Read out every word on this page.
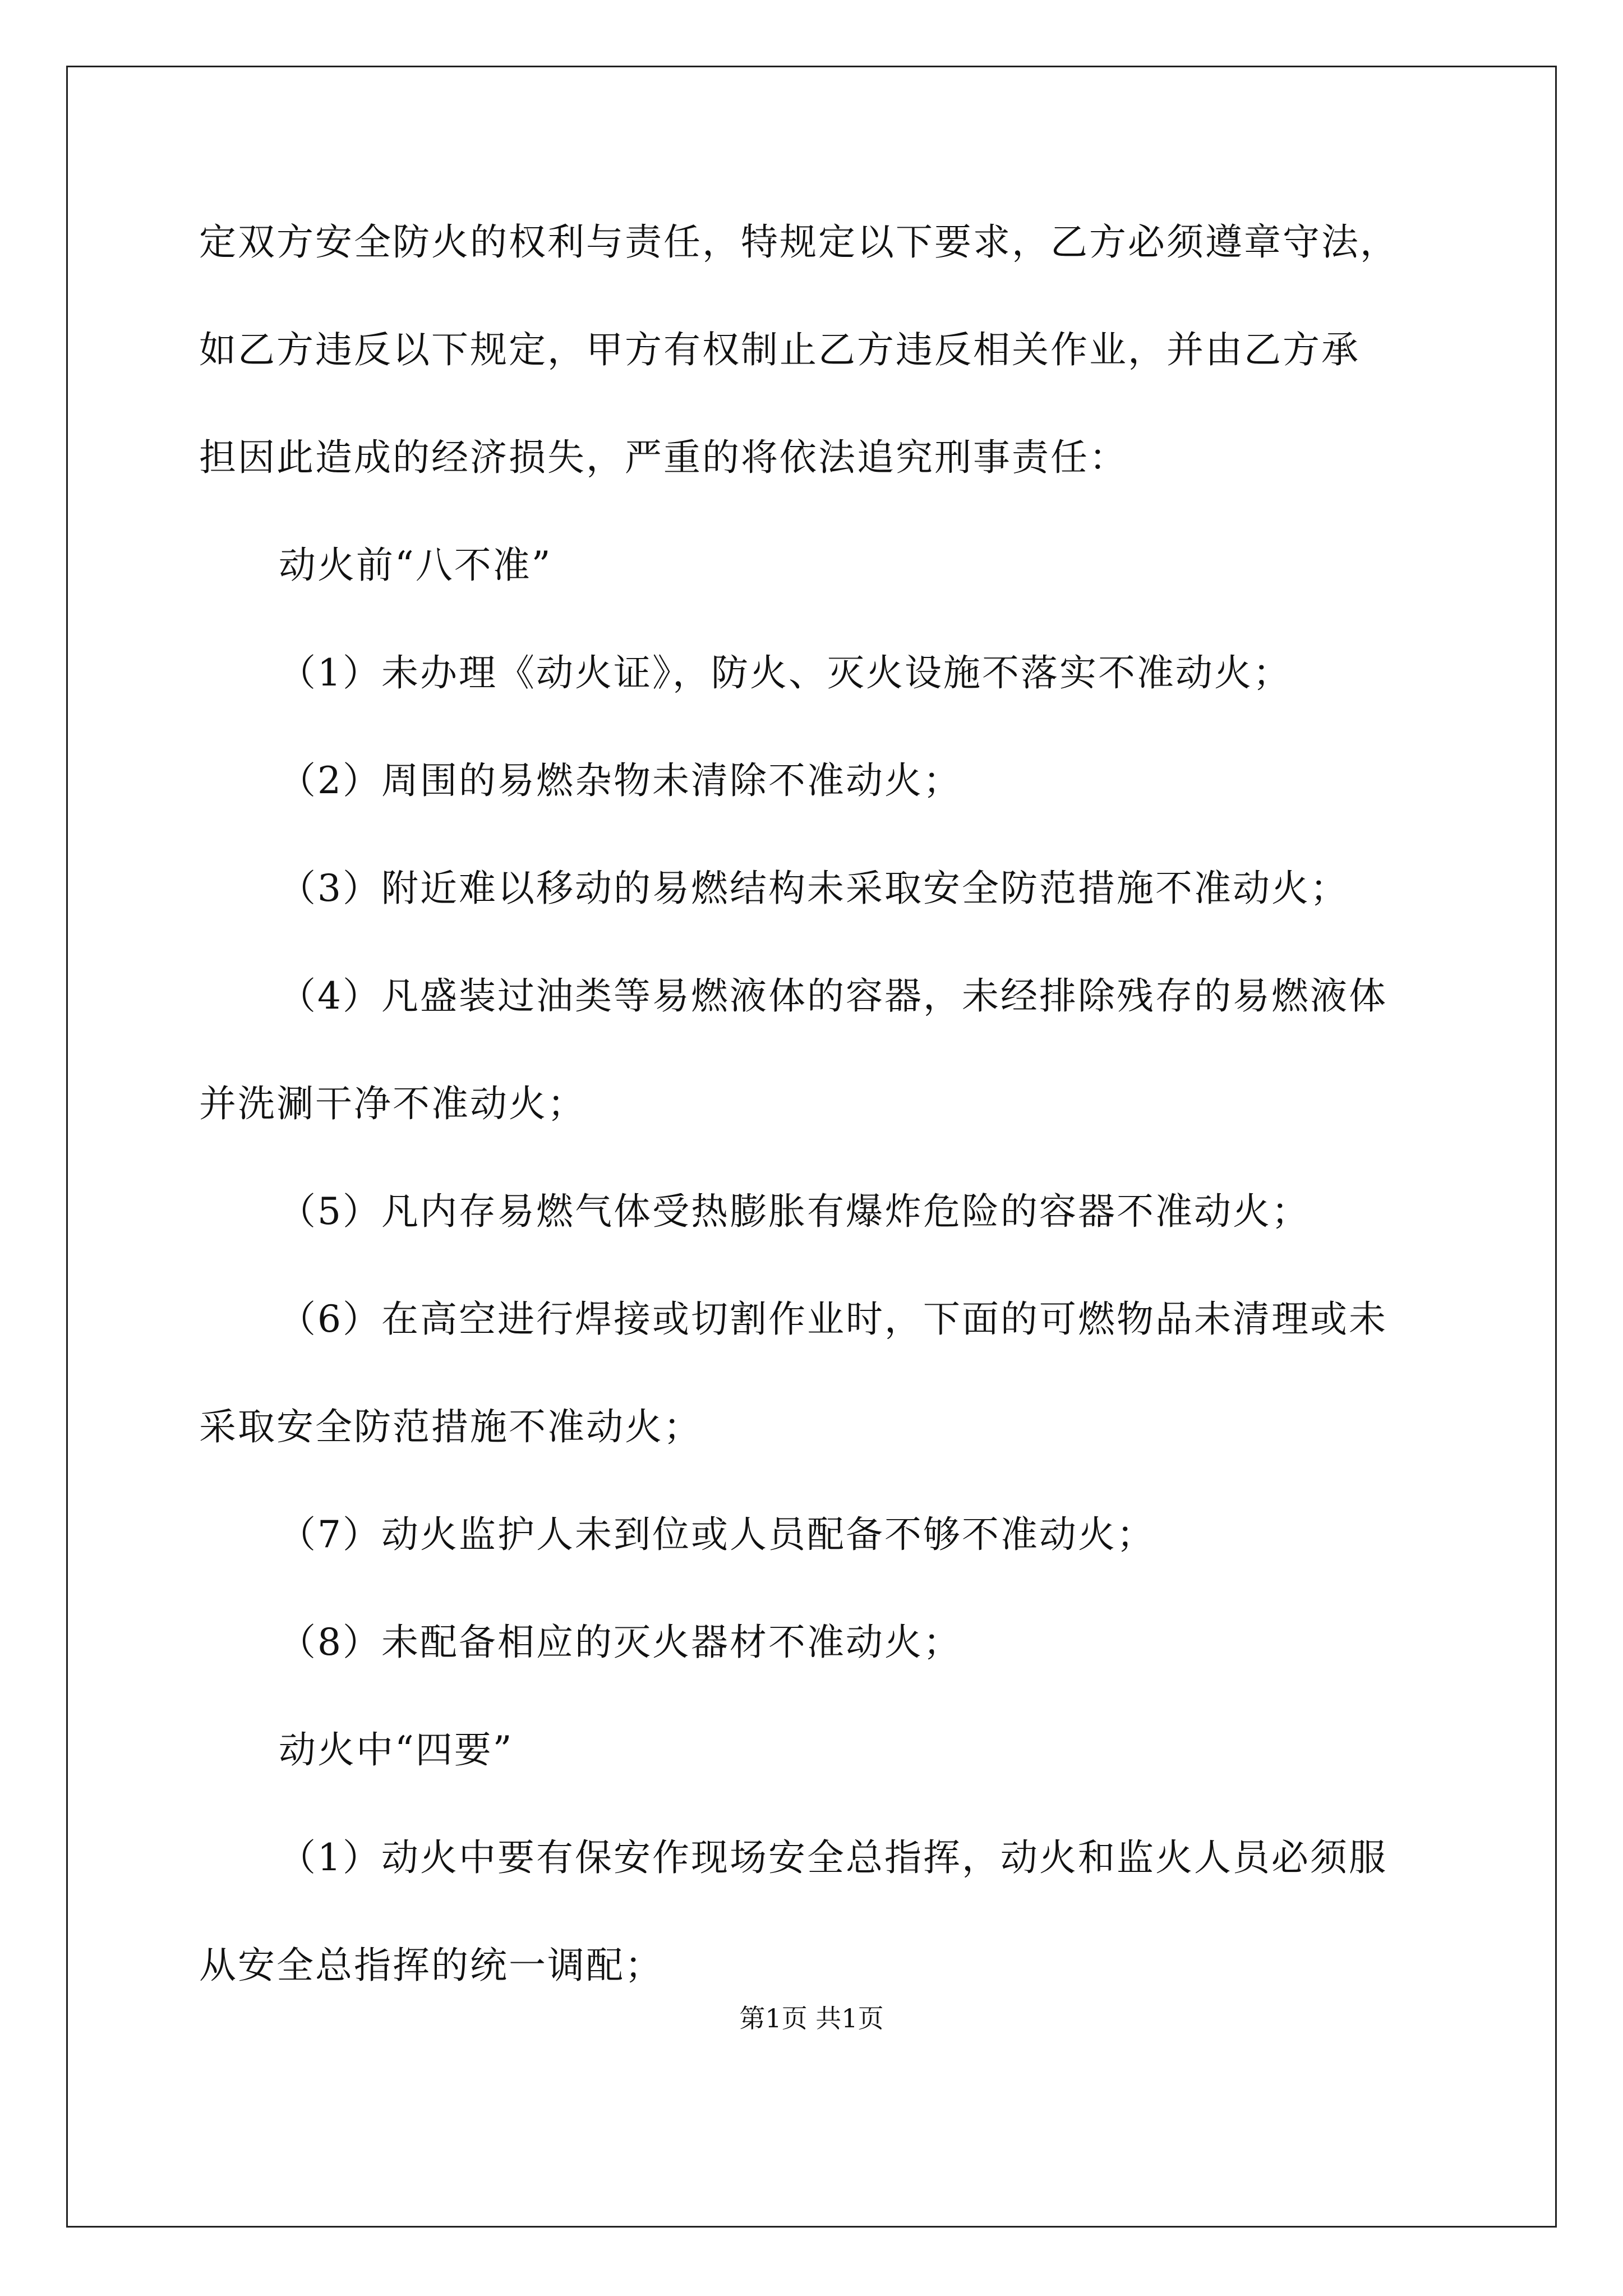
定双方安全防火的权利与责任，特规定以下要求，乙方必须遵章守法，
如乙方违反以下规定，甲方有权制止乙方违反相关作业，并由乙方承
担因此造成的经济损失，严重的将依法追究刑事责任：
动火前“八不准”
（1）未办理《动火证》，防火、灭火设施不落实不准动火；
（2）周围的易燃杂物未清除不准动火；
（3）附近难以移动的易燃结构未采取安全防范措施不准动火；
（4）凡盛装过油类等易燃液体的容器，未经排除残存的易燃液体
并洗涮干净不准动火；
（5）凡内存易燃气体受热膨胀有爆炸危险的容器不准动火；
（6）在高空进行焊接或切割作业时，下面的可燃物品未清理或未
采取安全防范措施不准动火；
（7）动火监护人未到位或人员配备不够不准动火；
（8）未配备相应的灭火器材不准动火；
动火中“四要”
（1）动火中要有保安作现场安全总指挥，动火和监火人员必须服
从安全总指挥的统一调配；
第1页 共1页
